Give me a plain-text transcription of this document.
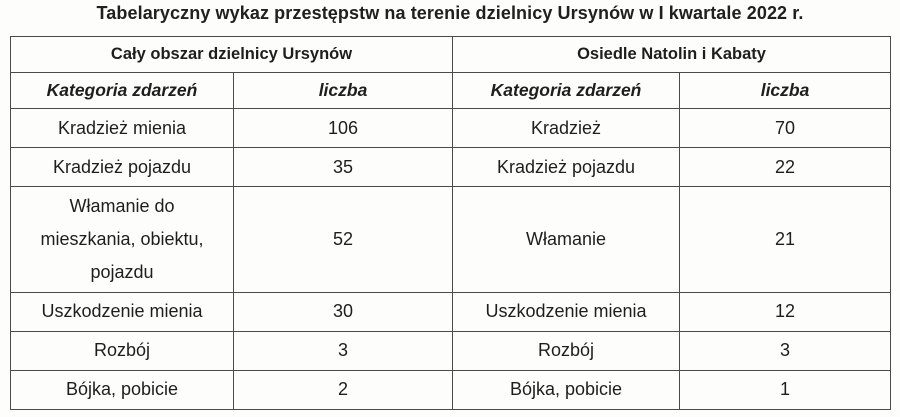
Tabelaryczny wykaz przestępstw na terenie dzielnicy Ursynów w I kwartale 2022 r.
Cały obszar dzielnicy Ursynów		Osiedle Natolin i Kabaty	
Kategoria zdarzeń	liczba	Kategoria zdarzeń	liczba
Kradzież mienia	106	Kradzież	70
Kradzież pojazdu	35	Kradzież pojazdu	22

Włamanie do
mieszkania, obiektu,
pojazdu	52	Włamanie	21
Uszkodzenie mienia	30	Uszkodzenie mienia	12
Rozbój	3	Rozbój	3
Bójka, pobicie	2	Bójka, pobicie	1
